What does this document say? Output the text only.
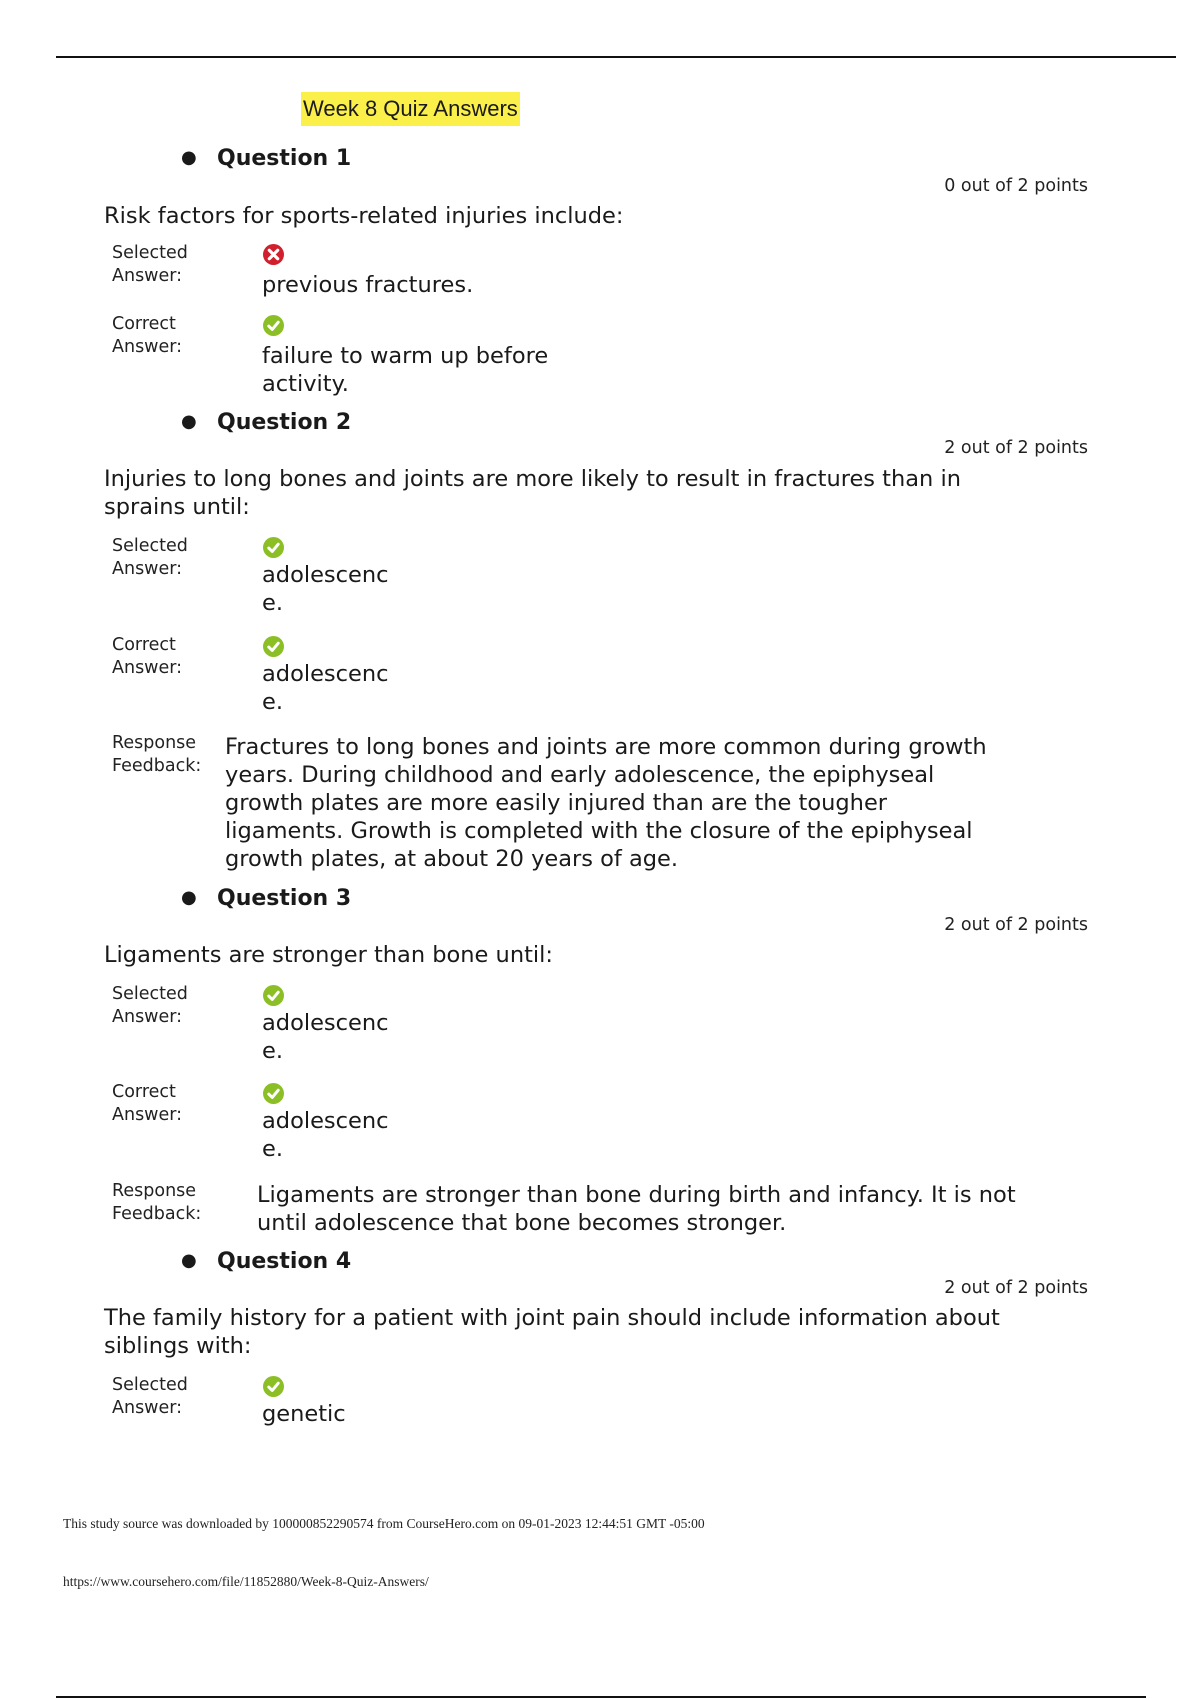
Week 8 Quiz Answers
● Question 1
0 out of 2 points
Risk factors for sports-related injuries include:
Selected
Answer:	previous fractures.
Correct
Answer:	failure to warm up before activity.
● Question 2
2 out of 2 points
Injuries to long bones and joints are more likely to result in fractures than in sprains until:
Selected
Answer:	adolescence.
Correct
Answer:	adolescence.
Response
Feedback:
Fractures to long bones and joints are more common during growth years. During childhood and early adolescence, the epiphyseal growth plates are more easily injured than are the tougher ligaments. Growth is completed with the closure of the epiphyseal growth plates, at about 20 years of age.
● Question 3
2 out of 2 points
Ligaments are stronger than bone until:
Selected
Answer:	adolescence.
Correct
Answer:	adolescence.
Response
Feedback:
Ligaments are stronger than bone during birth and infancy. It is not until adolescence that bone becomes stronger.
● Question 4
2 out of 2 points
The family history for a patient with joint pain should include information about siblings with:
Selected
Answer:	genetic
This study source was downloaded by 100000852290574 from CourseHero.com on 09-01-2023 12:44:51 GMT -05:00
https://www.coursehero.com/file/11852880/Week-8-Quiz-Answers/
